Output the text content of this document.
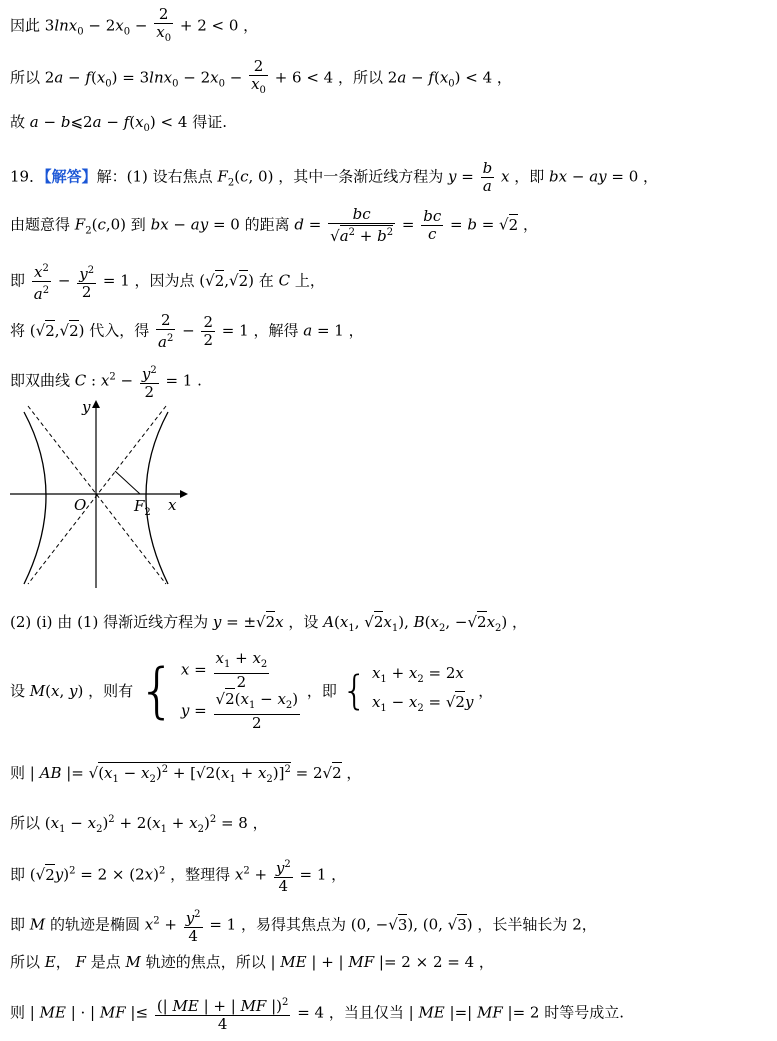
因此 $3\ln x_0 - 2x_0 - \frac{2}{x_0} + 2 < 0$ ，
所以 $2a - f(x_0) = 3\ln x_0 - 2x_0 - \frac{2}{x_0} + 6 < 4$ ，所以 $2a - f(x_0) < 4$ ，
故 a − b⩽2a − $f(x_0) < 4$ 得证.
19．【解答】解：(1) 设右焦点 $F_2(c$, 0) ，其中一条渐近线方程为 $y = \frac{b}{a}$ x ，即 bx − ay = 0 ，
由题意得 $F_2(c,0)$ 到 bx − ay = 0 的距离 $d = \frac{bc}{√a^2 + b^2} = \frac{bc}{c} = b = √2$ ，
即 $\frac{x^2}{a^2} - \frac{y^2}{2} = 1$ ，因为点 (√2,√2) 在 C 上，
将 (√2,√2) 代入，得 $\frac{2}{a^2} - \frac{2}{2} = 1$ ，解得 a = 1 ，
即双曲线 C : $x^2 - \frac{y^2}{2} = 1$ .
y
x
O	$F_2$
(2) (i) 由 (1) 得渐近线方程为 y = ±√2x ，设 $A(x_1$, $√2x_1$), $B(x_2$, $-√2x_2$) ，
设 M(x, y) ，则有 { $x = \frac{x_1 + x_2}{2}$
$y = \frac{√2(x_1 - x_2)}{2}$ ，即 { $x_1 + x_2 = 2x$
$x_1 - x_2 = √2y$
，
则 | AB |= $√(x_1 - x_2)^2 + [√2(x_1 + x_2)]^2 = 2√2$ ，
所以 $(x_1 - x_2)^2 + 2(x_1 + x_2)^2 = 8$ ，
即 $(√2y)^2 = 2 \times (2x)^2$ ，整理得 $x^2 + \frac{y^2}{4} = 1$ ，
即 M 的轨迹是椭圆 $x^2 + \frac{y^2}{4} = 1$ ，易得其焦点为 (0, −√3), (0, √3) ，长半轴长为 2，
所以 E， F 是点 M 轨迹的焦点，所以 | ME | + | MF |= 2 × 2 = 4 ，
则 | ME | · | MF |≤ $\frac{(| ME | + | MF |)^2}{4} = 4$ ，当且仅当 | ME |=| MF |= 2 时等号成立.
